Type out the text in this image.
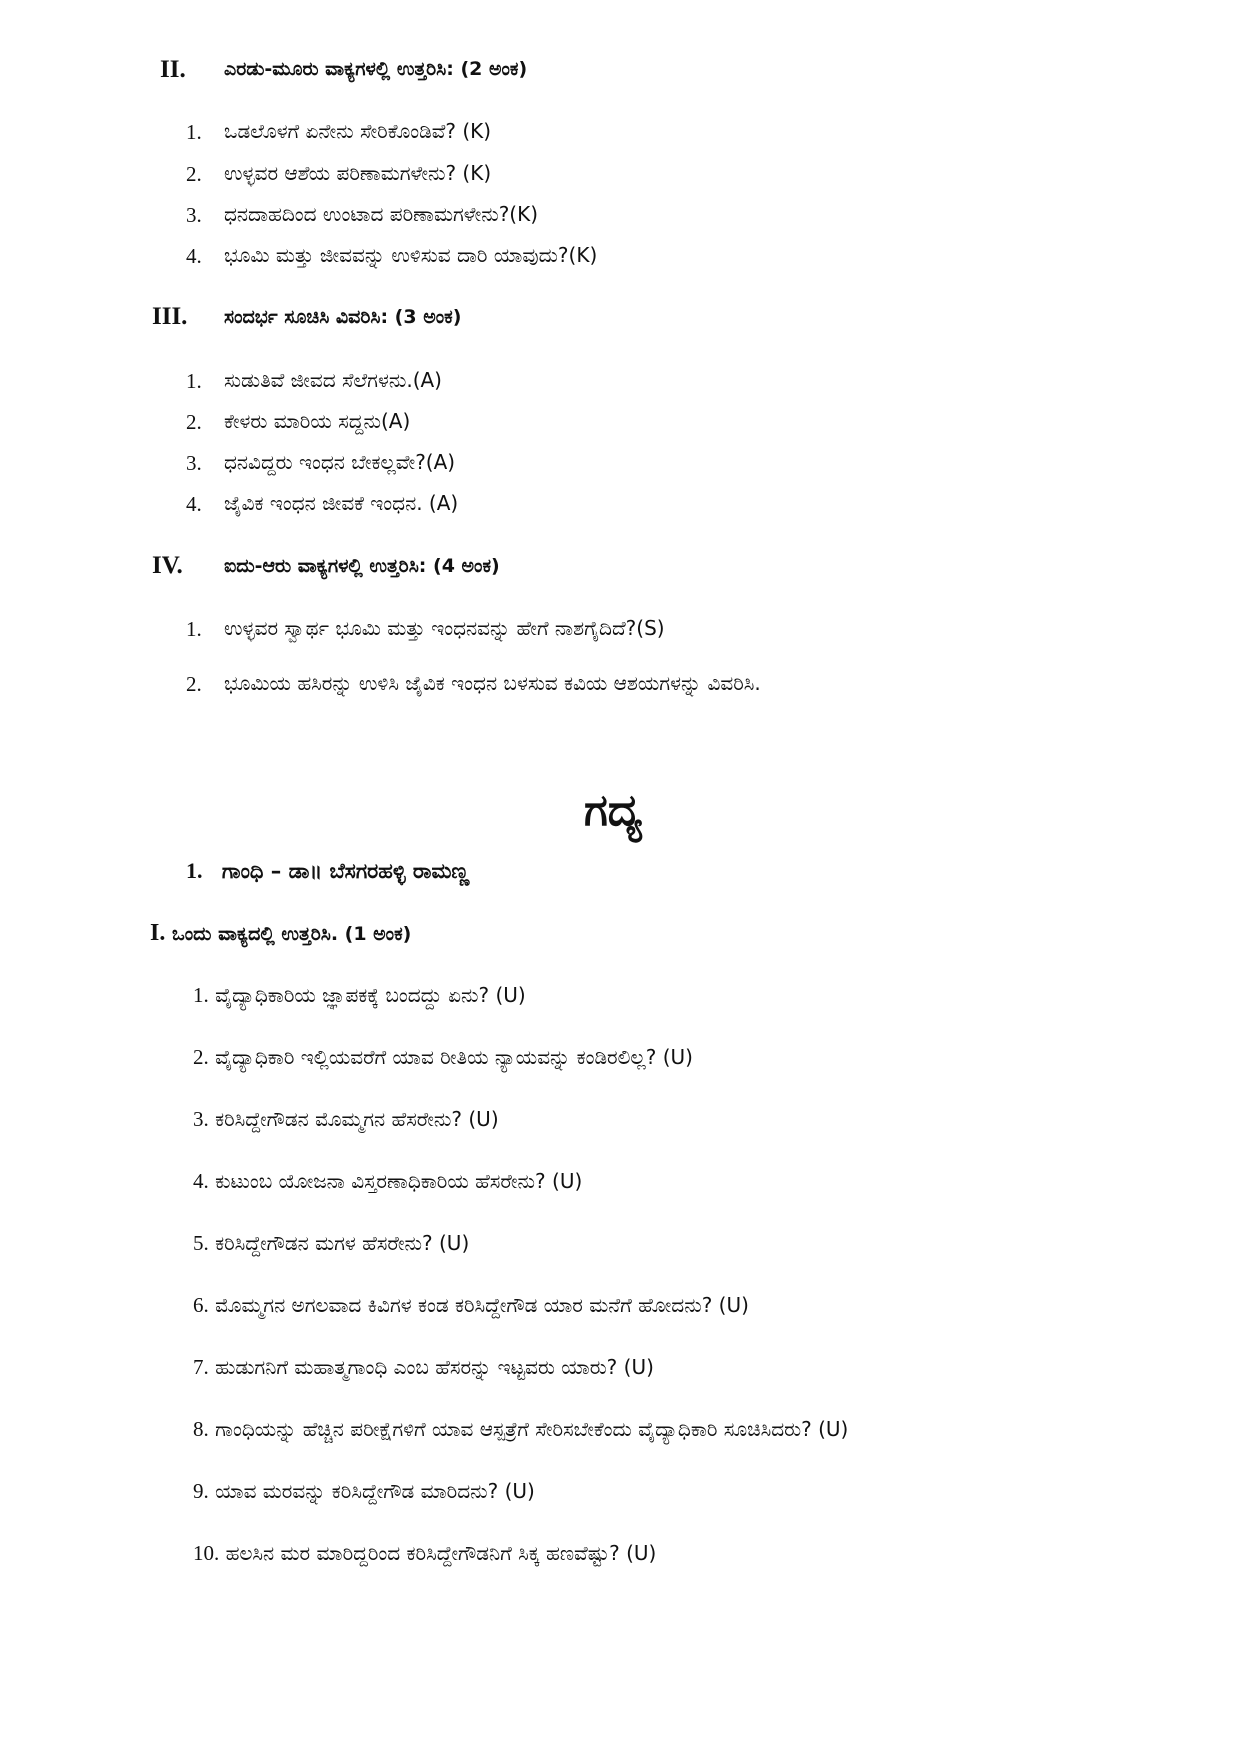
II. ಎರಡು-ಮೂರು ವಾಕ್ಯಗಳಲ್ಲಿ ಉತ್ತರಿಸಿ: (2 ಅಂಕ)
1. ಒಡಲೊಳಗೆ ಏನೇನು ಸೇರಿಕೊಂಡಿವೆ? (K)
2. ಉಳ್ಳವರ ಆಶೆಯ ಪರಿಣಾಮಗಳೇನು? (K)
3. ಧನದಾಹದಿಂದ ಉಂಟಾದ ಪರಿಣಾಮಗಳೇನು?(K)
4. ಭೂಮಿ ಮತ್ತು ಜೀವವನ್ನು ಉಳಿಸುವ ದಾರಿ ಯಾವುದು?(K)
III. ಸಂದರ್ಭ ಸೂಚಿಸಿ ವಿವರಿಸಿ: (3 ಅಂಕ)
1. ಸುಡುತಿವೆ ಜೀವದ ಸೆಲೆಗಳನು.(A)
2. ಕೇಳರು ಮಾರಿಯ ಸದ್ದನು(A)
3. ಧನವಿದ್ದರು ಇಂಧನ ಬೇಕಲ್ಲವೇ?(A)
4. ಜೈವಿಕ ಇಂಧನ ಜೀವಕೆ ಇಂಧನ. (A)
IV. ಐದು-ಆರು ವಾಕ್ಯಗಳಲ್ಲಿ ಉತ್ತರಿಸಿ: (4 ಅಂಕ)
1. ಉಳ್ಳವರ ಸ್ವಾರ್ಥ ಭೂಮಿ ಮತ್ತು ಇಂಧನವನ್ನು ಹೇಗೆ ನಾಶಗೈದಿದೆ?(S)
2. ಭೂಮಿಯ ಹಸಿರನ್ನು ಉಳಿಸಿ ಜೈವಿಕ ಇಂಧನ ಬಳಸುವ ಕವಿಯ ಆಶಯಗಳನ್ನು ವಿವರಿಸಿ.
ಗದ್ಯ
1. ಗಾಂಧಿ – ಡಾ॥ ಬೆಸಗರಹಳ್ಳಿ ರಾಮಣ್ಣ
I. ಒಂದು ವಾಕ್ಯದಲ್ಲಿ ಉತ್ತರಿಸಿ. (1 ಅಂಕ)
1. ವೈದ್ಯಾಧಿಕಾರಿಯ ಜ್ಞಾಪಕಕ್ಕೆ ಬಂದದ್ದು ಏನು? (U)
2. ವೈದ್ಯಾಧಿಕಾರಿ ಇಲ್ಲಿಯವರೆಗೆ ಯಾವ ರೀತಿಯ ನ್ಯಾಯವನ್ನು ಕಂಡಿರಲಿಲ್ಲ? (U)
3. ಕರಿಸಿದ್ದೇಗೌಡನ ಮೊಮ್ಮಗನ ಹೆಸರೇನು? (U)
4. ಕುಟುಂಬ ಯೋಜನಾ ವಿಸ್ತರಣಾಧಿಕಾರಿಯ ಹೆಸರೇನು? (U)
5. ಕರಿಸಿದ್ದೇಗೌಡನ ಮಗಳ ಹೆಸರೇನು? (U)
6. ಮೊಮ್ಮಗನ ಅಗಲವಾದ ಕಿವಿಗಳ ಕಂಡ ಕರಿಸಿದ್ದೇಗೌಡ ಯಾರ ಮನೆಗೆ ಹೋದನು? (U)
7. ಹುಡುಗನಿಗೆ ಮಹಾತ್ಮಗಾಂಧಿ ಎಂಬ ಹೆಸರನ್ನು ಇಟ್ಟವರು ಯಾರು? (U)
8. ಗಾಂಧಿಯನ್ನು ಹೆಚ್ಚಿನ ಪರೀಕ್ಷೆಗಳಿಗೆ ಯಾವ ಆಸ್ಪತ್ರೆಗೆ ಸೇರಿಸಬೇಕೆಂದು ವೈದ್ಯಾಧಿಕಾರಿ ಸೂಚಿಸಿದರು? (U)
9. ಯಾವ ಮರವನ್ನು ಕರಿಸಿದ್ದೇಗೌಡ ಮಾರಿದನು? (U)
10. ಹಲಸಿನ ಮರ ಮಾರಿದ್ದರಿಂದ ಕರಿಸಿದ್ದೇಗೌಡನಿಗೆ ಸಿಕ್ಕ ಹಣವೆಷ್ಟು? (U)
